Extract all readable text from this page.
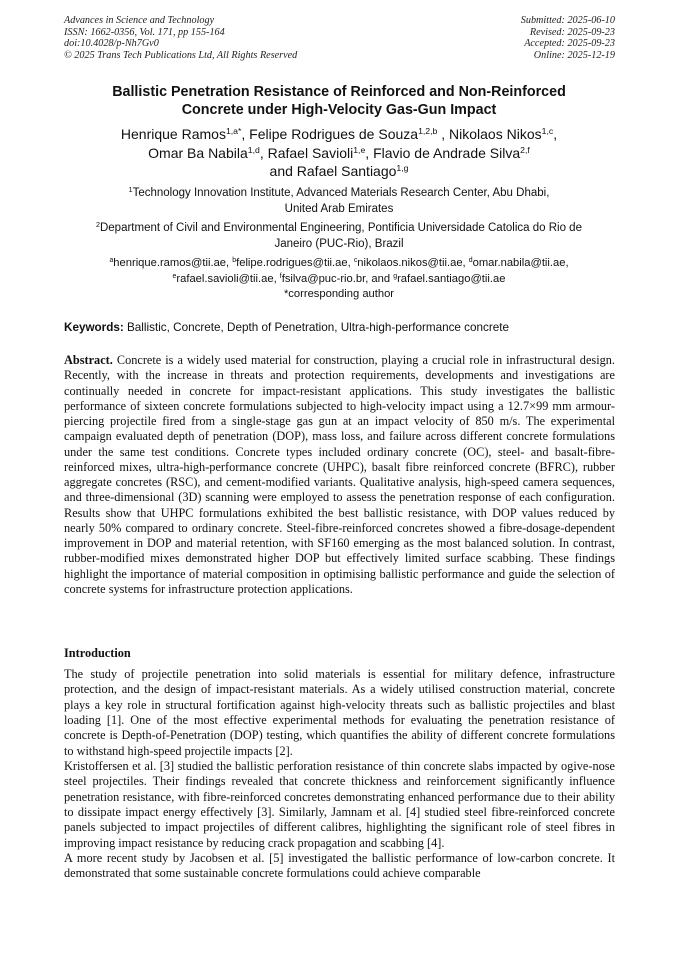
Advances in Science and Technology
ISSN: 1662-0356, Vol. 171, pp 155-164
doi:10.4028/p-Nh7Gv0
© 2025 Trans Tech Publications Ltd, All Rights Reserved
Submitted: 2025-06-10
Revised: 2025-09-23
Accepted: 2025-09-23
Online: 2025-12-19
Ballistic Penetration Resistance of Reinforced and Non-Reinforced
Concrete under High-Velocity Gas-Gun Impact
Henrique Ramos$^{1,a*}$, Felipe Rodrigues de Souza$^{1,2,b}$ , Nikolaos Nikos$^{1,c}$,
Omar Ba Nabila$^{1,d}$, Rafael Savioli$^{1,e}$, Flavio de Andrade Silva$^{2,f}$
and Rafael Santiago$^{1,g}$
$^1$Technology Innovation Institute, Advanced Materials Research Center, Abu Dhabi,
United Arab Emirates
$^2$Department of Civil and Environmental Engineering, Pontificia Universidade Catolica do Rio de
Janeiro (PUC-Rio), Brazil
$^a$henrique.ramos@tii.ae, $^b$felipe.rodrigues@tii.ae, $^c$nikolaos.nikos@tii.ae, $^d$omar.nabila@tii.ae,
$^e$rafael.savioli@tii.ae, $^f$fsilva@puc-rio.br, and $^g$rafael.santiago@tii.ae
*corresponding author
Keywords: Ballistic, Concrete, Depth of Penetration, Ultra-high-performance concrete
Abstract. Concrete is a widely used material for construction, playing a crucial role in infrastructural design. Recently, with the increase in threats and protection requirements, developments and investigations are continually needed in concrete for impact-resistant applications. This study investigates the ballistic performance of sixteen concrete formulations subjected to high-velocity impact using a 12.7×99 mm armour-piercing projectile fired from a single-stage gas gun at an impact velocity of 850 m/s. The experimental campaign evaluated depth of penetration (DOP), mass loss, and failure across different concrete formulations under the same test conditions. Concrete types included ordinary concrete (OC), steel- and basalt-fibre-reinforced mixes, ultra-high-performance concrete (UHPC), basalt fibre reinforced concrete (BFRC), rubber aggregate concretes (RSC), and cement-modified variants. Qualitative analysis, high-speed camera sequences, and three-dimensional (3D) scanning were employed to assess the penetration response of each configuration. Results show that UHPC formulations exhibited the best ballistic resistance, with DOP values reduced by nearly 50% compared to ordinary concrete. Steel-fibre-reinforced concretes showed a fibre-dosage-dependent improvement in DOP and material retention, with SF160 emerging as the most balanced solution. In contrast, rubber-modified mixes demonstrated higher DOP but effectively limited surface scabbing. These findings highlight the importance of material composition in optimising ballistic performance and guide the selection of concrete systems for infrastructure protection applications.
Introduction

The study of projectile penetration into solid materials is essential for military defence, infrastructure protection, and the design of impact-resistant materials. As a widely utilised construction material, concrete plays a key role in structural fortification against high-velocity threats such as ballistic projectiles and blast loading [1]. One of the most effective experimental methods for evaluating the penetration resistance of concrete is Depth-of-Penetration (DOP) testing, which quantifies the ability of different concrete formulations to withstand high-speed projectile impacts [2].

Kristoffersen et al. [3] studied the ballistic perforation resistance of thin concrete slabs impacted by ogive-nose steel projectiles. Their findings revealed that concrete thickness and reinforcement significantly influence penetration resistance, with fibre-reinforced concretes demonstrating enhanced performance due to their ability to dissipate impact energy effectively [3]. Similarly, Jamnam et al. [4] studied steel fibre-reinforced concrete panels subjected to impact projectiles of different calibres, highlighting the significant role of steel fibres in improving impact resistance by reducing crack propagation and scabbing [4].

A more recent study by Jacobsen et al. [5] investigated the ballistic performance of low-carbon concrete. It demonstrated that some sustainable concrete formulations could achieve comparable
